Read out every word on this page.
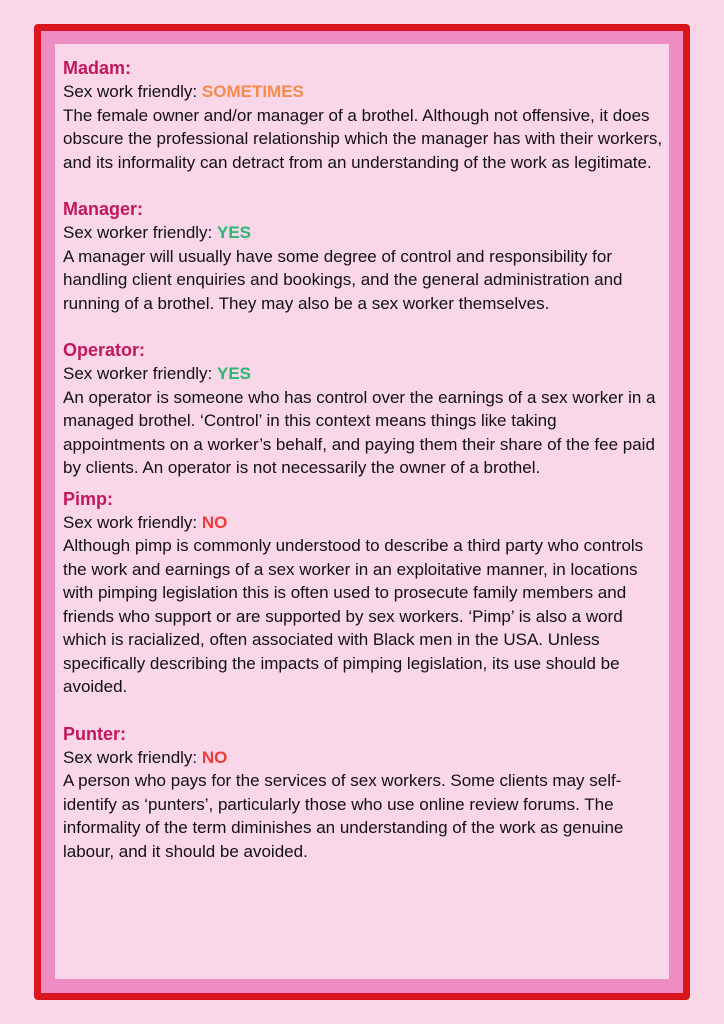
Madam:
Sex work friendly: SOMETIMES

The female owner and/or manager of a brothel. Although not offensive, it does obscure the professional relationship which the manager has with their workers, and its informality can detract from an understanding of the work as legitimate.

Manager:
Sex worker friendly: YES

A manager will usually have some degree of control and responsibility for handling client enquiries and bookings, and the general administration and running of a brothel. They may also be a sex worker themselves.

Operator:
Sex worker friendly: YES

An operator is someone who has control over the earnings of a sex worker in a managed brothel. ‘Control’ in this context means things like taking appointments on a worker’s behalf, and paying them their share of the fee paid by clients. An operator is not necessarily the owner of a brothel.

Pimp:
Sex work friendly: NO

Although pimp is commonly understood to describe a third party who controls the work and earnings of a sex worker in an exploitative manner, in locations with pimping legislation this is often used to prosecute family members and friends who support or are supported by sex workers. ‘Pimp’ is also a word which is racialized, often associated with Black men in the USA. Unless specifically describing the impacts of pimping legislation, its use should be avoided.

Punter:
Sex work friendly: NO

A person who pays for the services of sex workers. Some clients may self-identify as ‘punters’, particularly those who use online review forums. The informality of the term diminishes an understanding of the work as genuine labour, and it should be avoided.
